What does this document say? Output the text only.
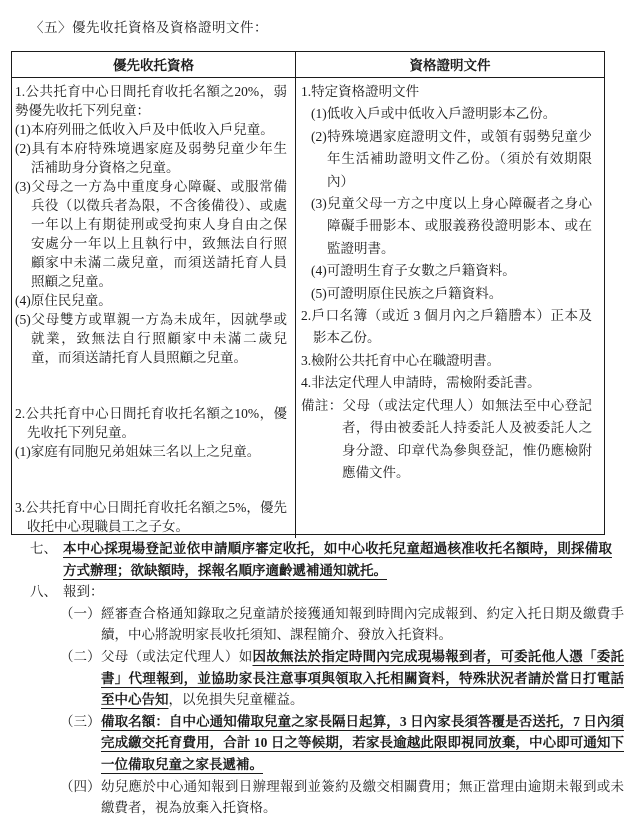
〈五〉優先收托資格及資格證明文件：
優先收托資格	資格證明文件

1.公共托育中心日間托育收托名額之20%，弱勢優先收托下列兒童：

(1)本府列冊之低收入戶及中低收入戶兒童。

(2)具有本府特殊境遇家庭及弱勢兒童少年生活補助身分資格之兒童。

(3)父母之一方為中重度身心障礙、或服常備兵役（以徵兵者為限，不含後備役）、或處一年以上有期徒刑或受拘束人身自由之保安處分一年以上且執行中，致無法自行照顧家中未滿二歲兒童，而須送請托育人員照顧之兒童。

(4)原住民兒童。

(5)父母雙方或單親一方為未成年，因就學或就業，致無法自行照顧家中未滿二歲兒童，而須送請托育人員照顧之兒童。

2.公共托育中心日間托育收托名額之10%，優先收托下列兒童。

(1)家庭有同胞兄弟姐妹三名以上之兒童。

3.公共托育中心日間托育收托名額之5%，優先收托中心現職員工之子女。

1.特定資格證明文件

(1)低收入戶或中低收入戶證明影本乙份。

(2)特殊境遇家庭證明文件，或領有弱勢兒童少年生活補助證明文件乙份。（須於有效期限內）

(3)兒童父母一方之中度以上身心障礙者之身心障礙手冊影本、或服義務役證明影本、或在監證明書。

(4)可證明生育子女數之戶籍資料。

(5)可證明原住民族之戶籍資料。

2.戶口名簿（或近 3 個月內之戶籍謄本）正本及影本乙份。

3.檢附公共托育中心在職證明書。

4.非法定代理人申請時，需檢附委託書。

備註：父母（或法定代理人）如無法至中心登記者，得由被委託人持委託人及被委託人之身分證、印章代為參與登記，惟仍應檢附應備文件。

七、 本中心採現場登記並依申請順序審定收托，如中心收托兒童超過核准收托名額時，則採備取方式辦理；欲缺額時，採報名順序適齡遞補通知就托。
八、 報到：
（一） 經審查合格通知錄取之兒童請於接獲通知報到時間內完成報到、約定入托日期及繳費手續，中心將說明家長收托須知、課程簡介、發放入托資料。
（二） 父母（或法定代理人）如因故無法於指定時間內完成現場報到者，可委託他人憑「委託書」代理報到，並協助家長注意事項與領取入托相關資料，特殊狀況者請於當日打電話至中心告知，以免損失兒童權益。
（三） 備取名額：自中心通知備取兒童之家長隔日起算，3 日內家長須答覆是否送托，7 日內須完成繳交托育費用，合計 10 日之等候期，若家長逾越此限即視同放棄，中心即可通知下一位備取兒童之家長遞補。
（四） 幼兒應於中心通知報到日辦理報到並簽約及繳交相關費用；無正當理由逾期未報到或未繳費者，視為放棄入托資格。
